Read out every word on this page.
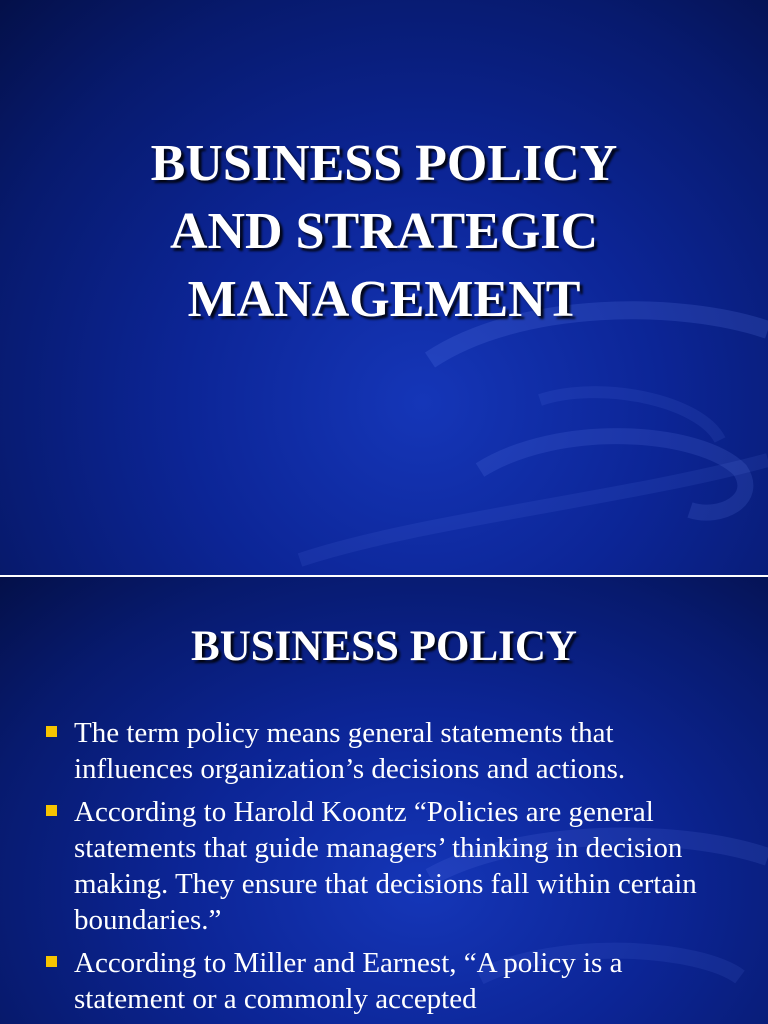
BUSINESS POLICY
AND STRATEGIC
MANAGEMENT
BUSINESS POLICY
The term policy means general statements that influences organization’s decisions and actions.
According to Harold Koontz “Policies are general statements that guide managers’ thinking in decision making. They ensure that decisions fall within certain boundaries.”
According to Miller and Earnest, “A policy is a statement or a commonly accepted
